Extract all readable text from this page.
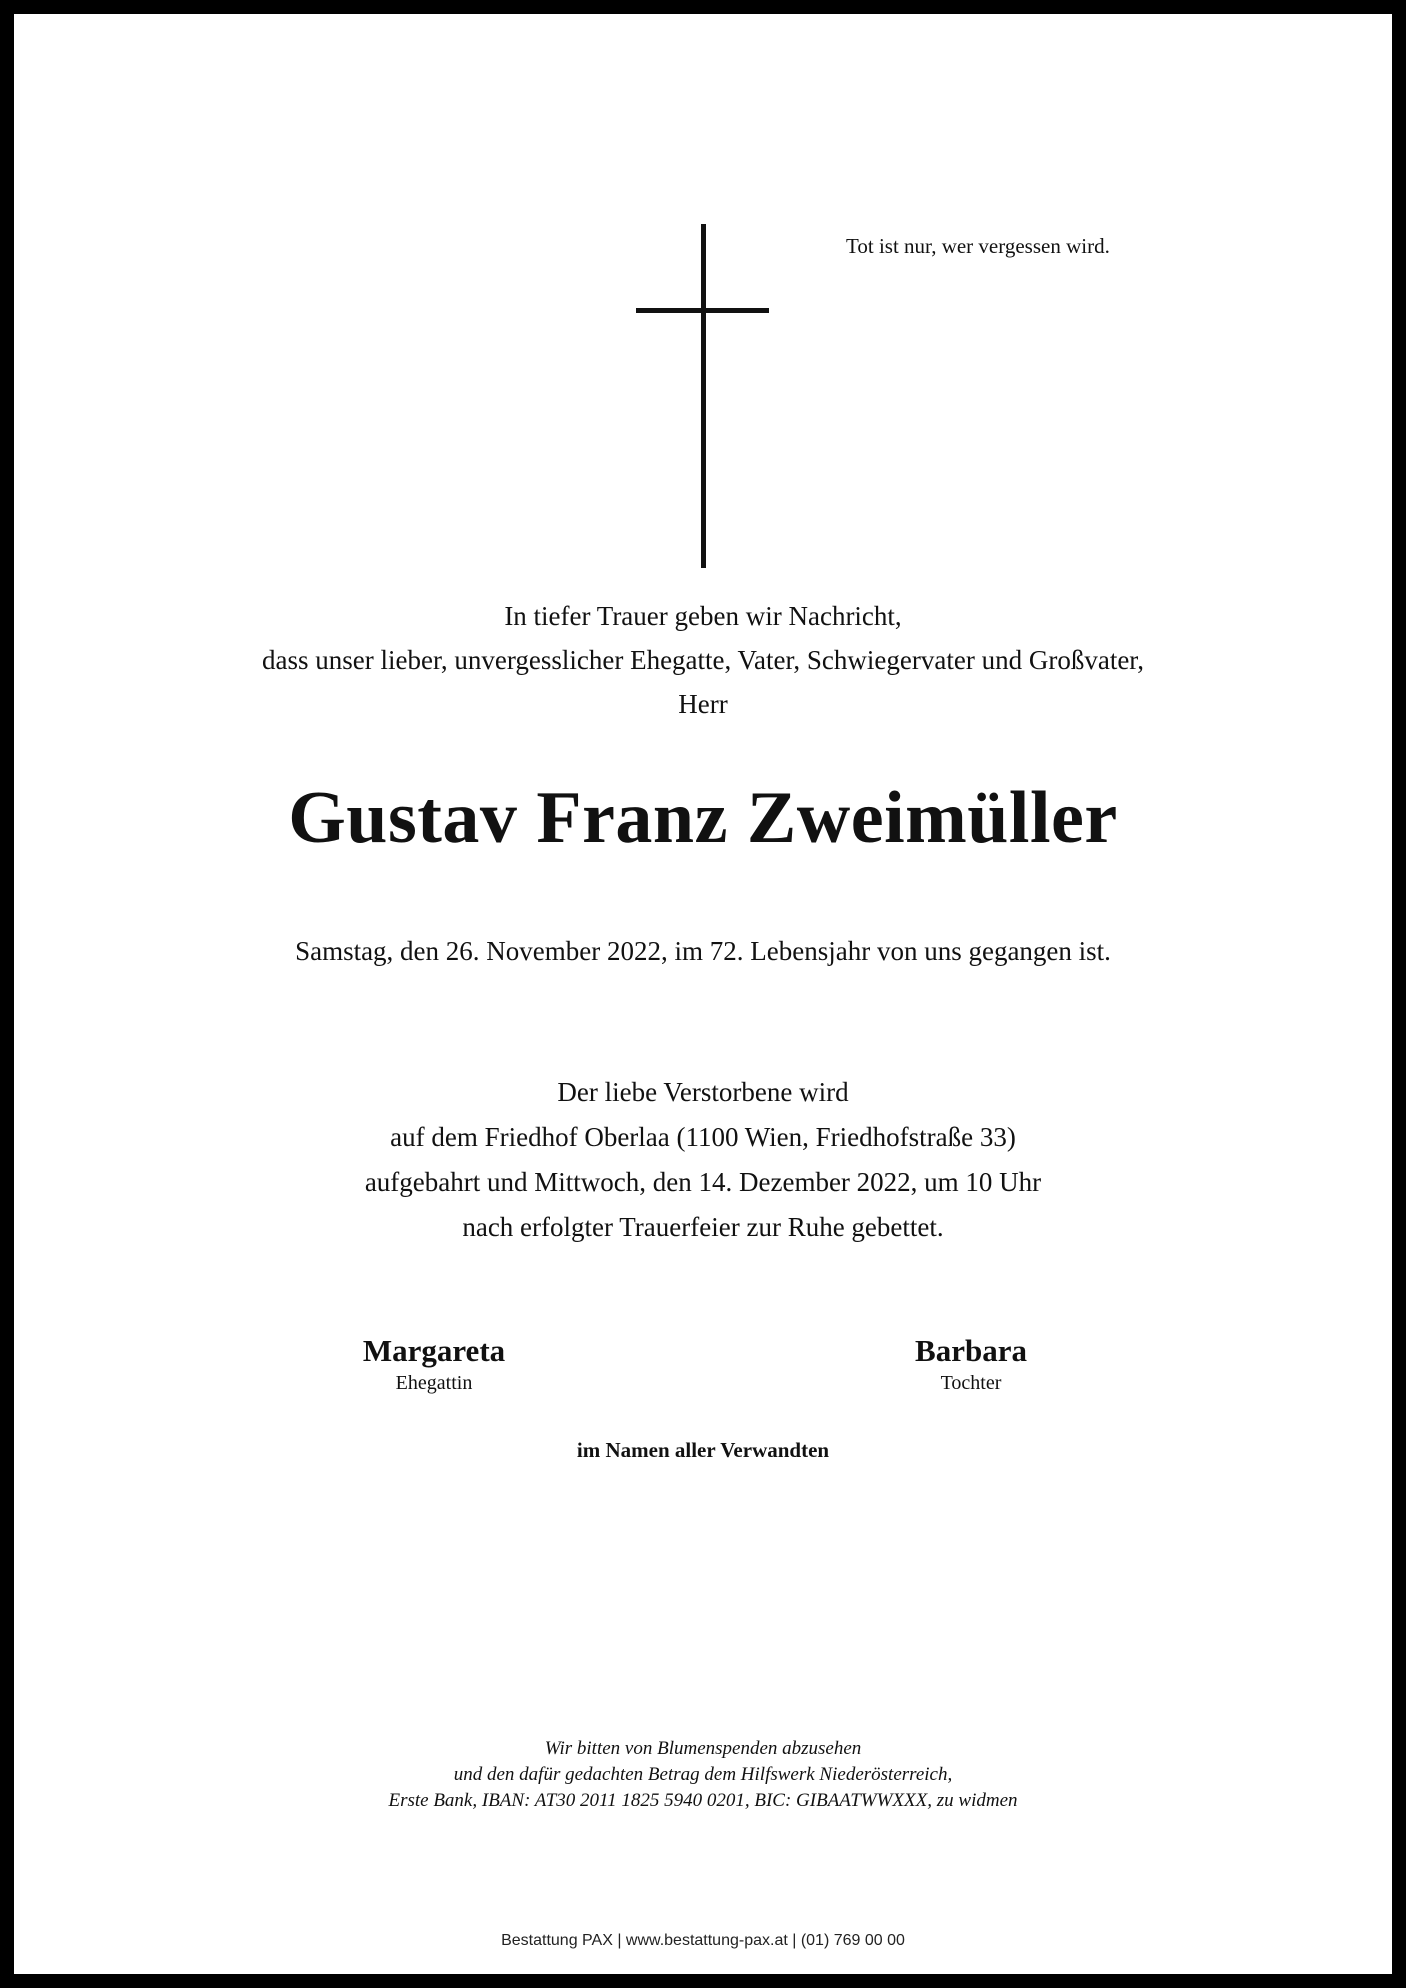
Tot ist nur, wer vergessen wird.
In tiefer Trauer geben wir Nachricht,
dass unser lieber, unvergesslicher Ehegatte, Vater, Schwiegervater und Großvater,
Herr
Gustav Franz Zweimüller
Samstag, den 26. November 2022, im 72. Lebensjahr von uns gegangen ist.
Der liebe Verstorbene wird
auf dem Friedhof Oberlaa (1100 Wien, Friedhofstraße 33)
aufgebahrt und Mittwoch, den 14. Dezember 2022, um 10 Uhr
nach erfolgter Trauerfeier zur Ruhe gebettet.
Margareta
Ehegattin
Barbara
Tochter
im Namen aller Verwandten
Wir bitten von Blumenspenden abzusehen
und den dafür gedachten Betrag dem Hilfswerk Niederösterreich,
Erste Bank, IBAN: AT30 2011 1825 5940 0201, BIC: GIBAATWWXXX, zu widmen
Bestattung PAX | www.bestattung-pax.at | (01) 769 00 00
